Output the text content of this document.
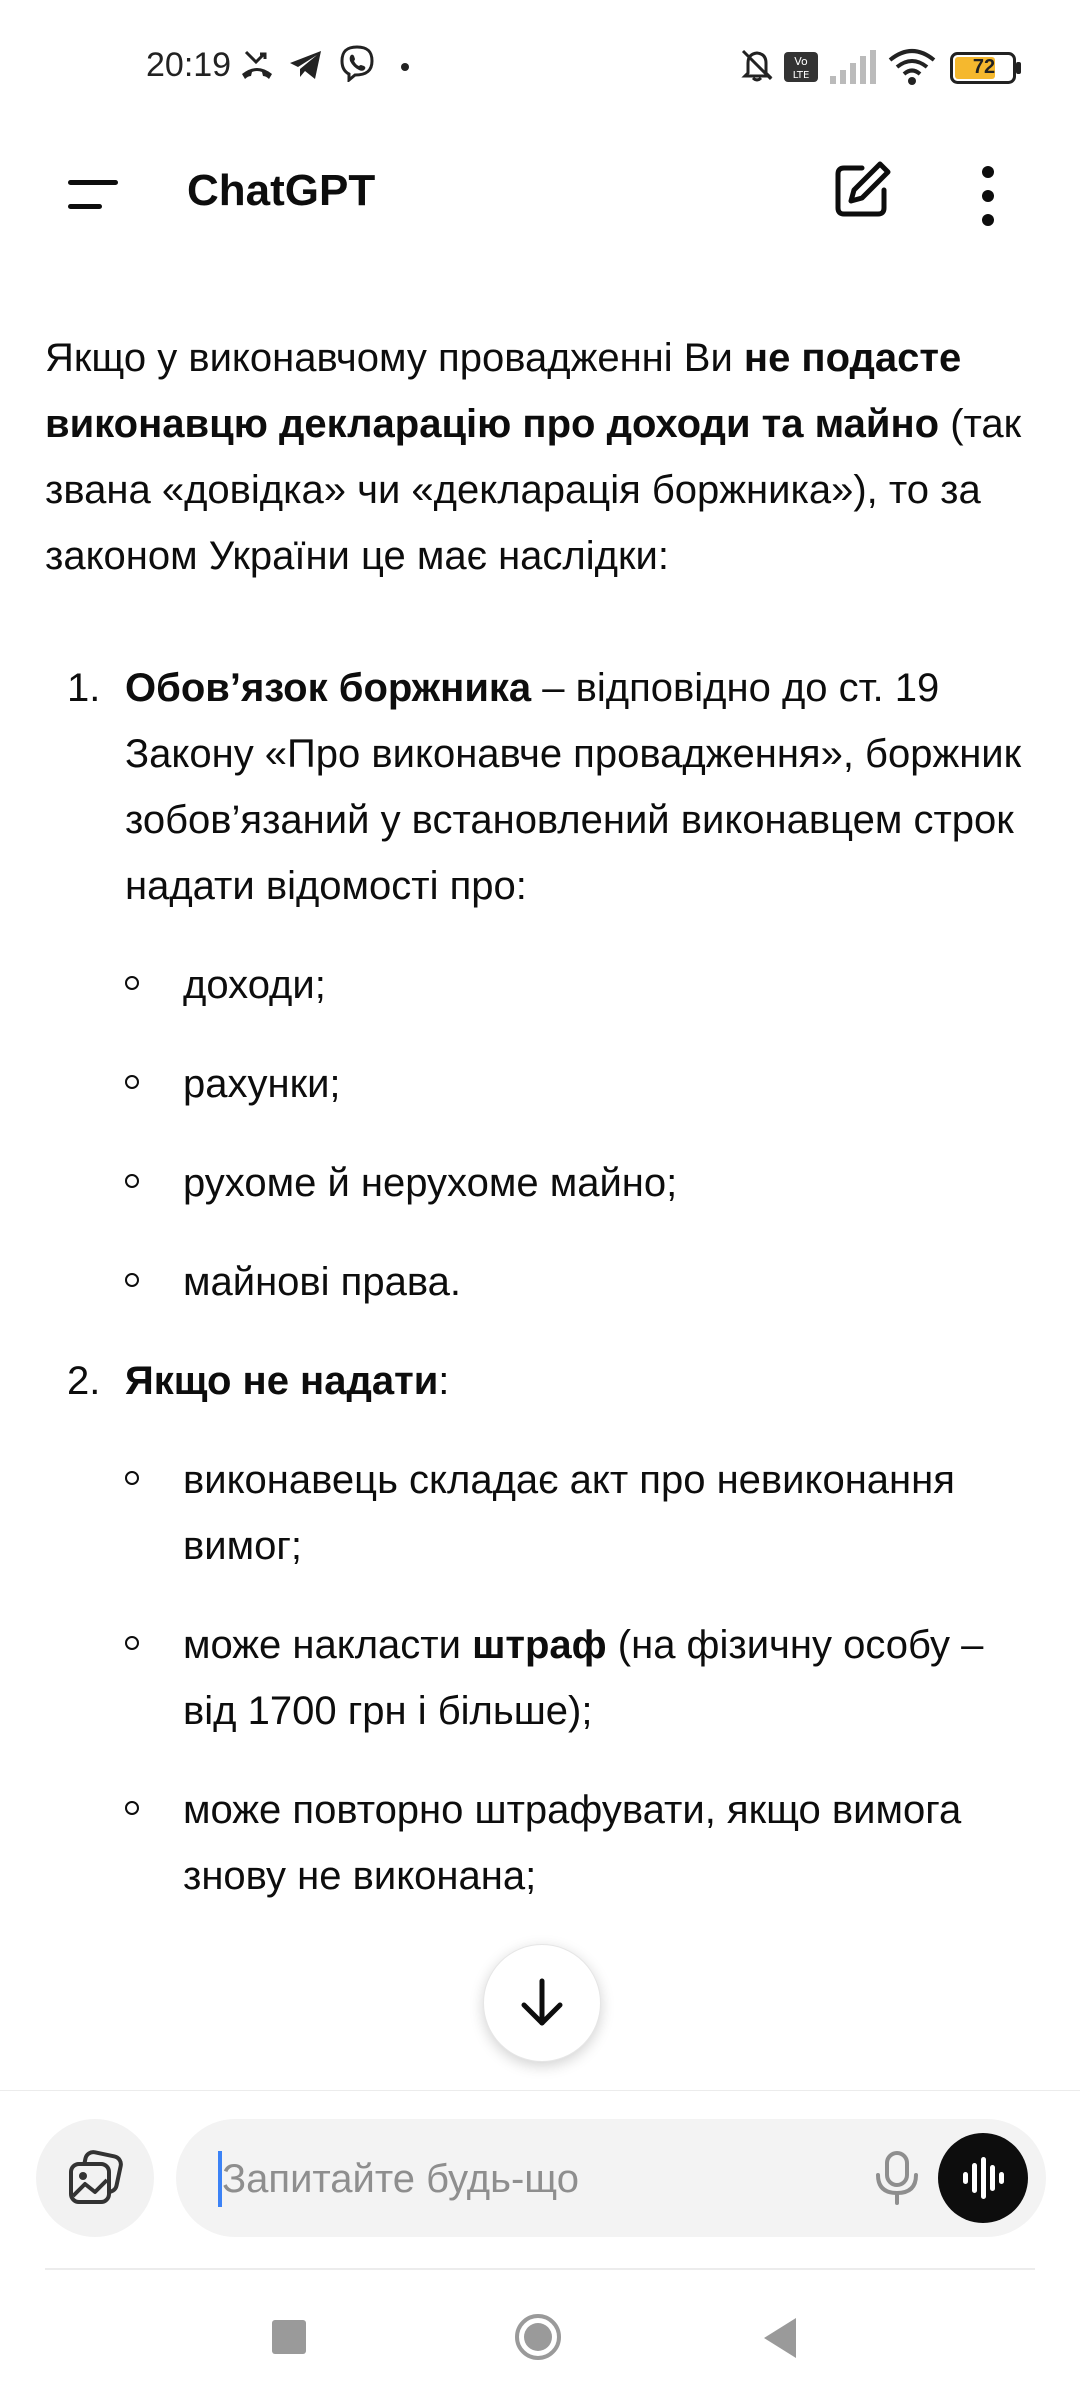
20:19	Vo
LTE	72
ChatGPT

Якщо у виконавчому провадженні Ви не подасте виконавцю декларацію про доходи та майно (так звана «довідка» чи «декларація боржника»), то за законом України це має наслідки:

1. Обов’язок боржника – відповідно до ст. 19 Закону «Про виконавче провадження», боржник зобов’язаний у встановлений виконавцем строк надати відомості про:

доходи;
рахунки;
рухоме й нерухоме майно;
майнові права.
2. Якщо не надати:

виконавець складає акт про невиконання вимог;
може накласти штраф (на фізичну особу – від 1700 грн і більше);
може повторно штрафувати, якщо вимога знову не виконана;
Запитайте будь-що
